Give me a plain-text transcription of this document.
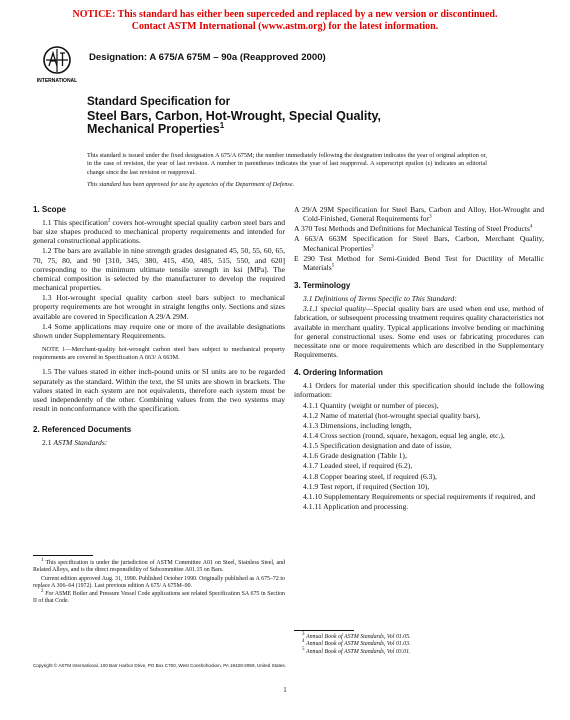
NOTICE: This standard has either been superceded and replaced by a new version or discontinued.
Contact ASTM International (www.astm.org) for the latest information.
INTERNATIONAL
Designation: A 675/A 675M – 90a (Reapproved 2000)
Standard Specification for
Steel Bars, Carbon, Hot-Wrought, Special Quality,
Mechanical Properties$^1$
This standard is issued under the fixed designation A 675/A 675M; the number immediately following the designation indicates the year of original adoption or, in the case of revision, the year of last revision. A number in parentheses indicates the year of last reapproval. A superscript epsilon (ε) indicates an editorial change since the last revision or reapproval.
This standard has been approved for use by agencies of the Department of Defense.
1. Scope

1.1 This specification$^2$ covers hot-wrought special quality carbon steel bars and bar size shapes produced to mechanical property requirements and intended for general constructional applications.

1.2 The bars are available in nine strength grades designated 45, 50, 55, 60, 65, 70, 75, 80, and 90 [310, 345, 380, 415, 450, 485, 515, 550, and 620] corresponding to the minimum ultimate tensile strength in ksi [MPa]. The chemical composition is selected by the manufacturer to develop the required mechanical properties.

1.3 Hot-wrought special quality carbon steel bars subject to mechanical property requirements are hot wrought in straight lengths only. Sections and sizes available are covered in Specification A 29/A 29M.

1.4 Some applications may require one or more of the available designations shown under Supplementary Requirements.

NOTE 1—Merchant-quality hot-wrought carbon steel bars subject to mechanical property requirements are covered in Specification A 663/ A 663M.

1.5 The values stated in either inch-pound units or SI units are to be regarded separately as the standard. Within the text, the SI units are shown in brackets. The values stated in each system are not equivalents, therefore each system must be used independently of the other. Combining values from the two systems may result in nonconformance with the specification.

2. Referenced Documents

2.1 ASTM Standards:

$^1$ This specification is under the jurisdiction of ASTM Committee A01 on Steel, Stainless Steel, and Related Alloys, and is the direct responsibility of Subcommittee A01.15 on Bars.

Current edition approved Aug. 31, 1990. Published October 1990. Originally published as A 675–72 to replace A 306–64 (1972). Last previous edition A 675/ A 675M–90.

$^2$ For ASME Boiler and Pressure Vessel Code applications see related Specification SA 675 in Section II of that Code.

A 29/A 29M Specification for Steel Bars, Carbon and Alloy, Hot-Wrought and Cold-Finished, General Requirements for$^3$

A 370 Test Methods and Definitions for Mechanical Testing of Steel Products$^4$

A 663/A 663M Specification for Steel Bars, Carbon, Merchant Quality, Mechanical Properties$^3$

E 290 Test Method for Semi-Guided Bend Test for Ductility of Metallic Materials$^5$

3. Terminology

3.1 Definitions of Terms Specific to This Standard:

3.1.1 special quality—Special quality bars are used when end use, method of fabrication, or subsequent processing treatment requires quality characteristics not available in merchant quality. Typical applications involve bending or machining for general constructional uses. Some end uses or fabricating procedures can necessitate one or more requirements which are described in the Supplementary Requirements.

4. Ordering Information

4.1 Orders for material under this specification should include the following information:

4.1.1 Quantity (weight or number of pieces),

4.1.2 Name of material (hot-wrought special quality bars),

4.1.3 Dimensions, including length,

4.1.4 Cross section (round, square, hexagon, equal leg angle, etc.),

4.1.5 Specification designation and date of issue,

4.1.6 Grade designation (Table 1),

4.1.7 Leaded steel, if required (6.2),

4.1.8 Copper bearing steel, if required (6.3),

4.1.9 Test report, if required (Section 10),

4.1.10 Supplementary Requirements or special requirements if required, and

4.1.11 Application and processing.

$^3$ Annual Book of ASTM Standards, Vol 01.05.

$^4$ Annual Book of ASTM Standards, Vol 01.03.

$^5$ Annual Book of ASTM Standards, Vol 03.01.

Copyright © ASTM International, 100 Barr Harbor Drive, PO Box C700, West Conshohocken, PA 19428-2959, United States.
1
